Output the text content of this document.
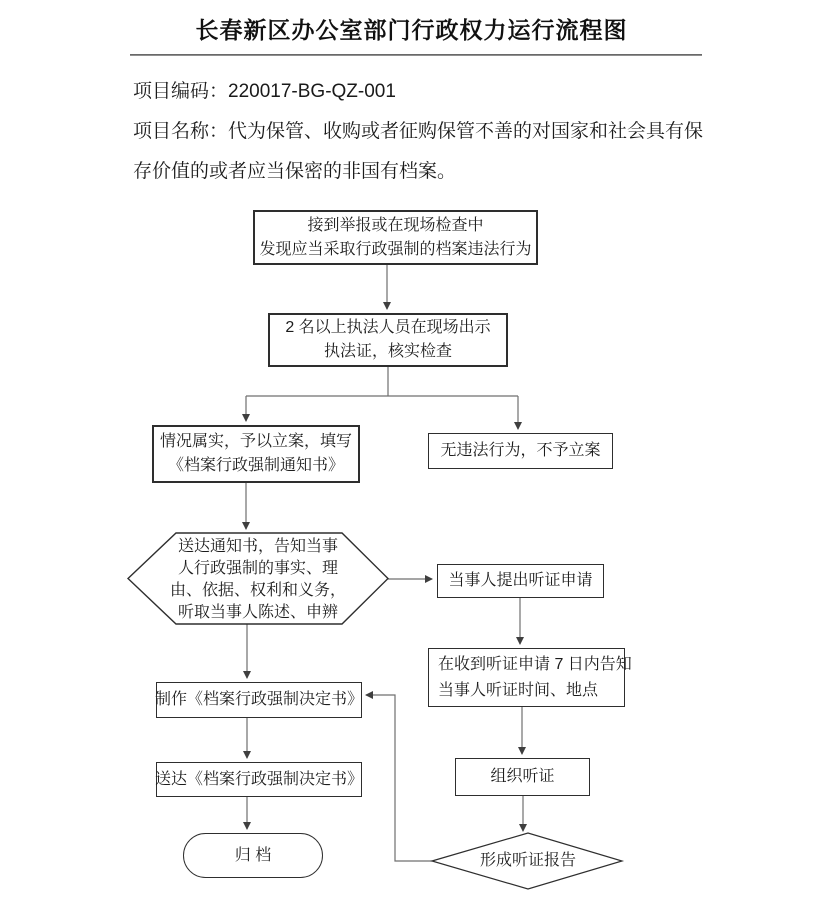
长春新区办公室部门行政权力运行流程图

项目编码：220017-BG-QZ-001

项目名称：代为保管、收购或者征购保管不善的对国家和社会具有保存价值的或者应当保密的非国有档案。

接到举报或在现场检查中
发现应当采取行政强制的档案违法行为
2 名以上执法人员在现场出示
执法证，核实检查
情况属实，予以立案，填写
《档案行政强制通知书》
无违法行为，不予立案
送达通知书，告知当事
人行政强制的事实、理
由、依据、权利和义务，
听取当事人陈述、申辨
当事人提出听证申请
在收到听证申请 7 日内告知
当事人听证时间、地点
制作《档案行政强制决定书》
组织听证
送达《档案行政强制决定书》
形成听证报告
归 档
